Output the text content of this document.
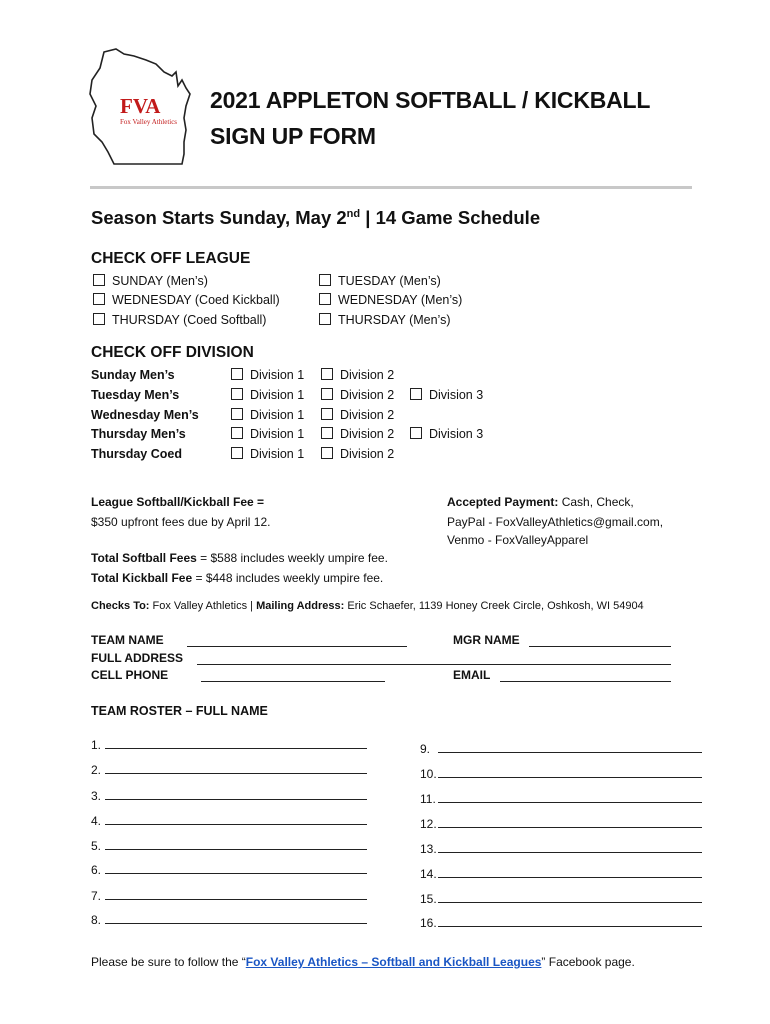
FVA
Fox Valley Athletics
2021 APPLETON SOFTBALL / KICKBALL
SIGN UP FORM
Season Starts Sunday, May 2nd | 14 Game Schedule
CHECK OFF LEAGUE
SUNDAY (Men’s)
WEDNESDAY (Coed Kickball)
THURSDAY (Coed Softball)
TUESDAY (Men’s)
WEDNESDAY (Men’s)
THURSDAY (Men’s)
CHECK OFF DIVISION
Sunday Men’s	Division 1	Division 2
Tuesday Men’s	Division 1	Division 2	Division 3
Wednesday Men’s	Division 1	Division 2
Thursday Men’s	Division 1	Division 2	Division 3
Thursday Coed	Division 1	Division 2
League Softball/Kickball Fee =
$350 upfront fees due by April 12.
Accepted Payment: Cash, Check,
PayPal - FoxValleyAthletics@gmail.com,
Venmo - FoxValleyApparel
Total Softball Fees = $588 includes weekly umpire fee.
Total Kickball Fee = $448 includes weekly umpire fee.
Checks To: Fox Valley Athletics | Mailing Address: Eric Schaefer, 1139 Honey Creek Circle, Oshkosh, WI 54904
TEAM NAME	MGR NAME
FULL ADDRESS
CELL PHONE	EMAIL
TEAM ROSTER – FULL NAME
1.
2.
3.
4.
5.
6.
7.
8.
9.
10.
11.
12.
13.
14.
15.
16.
Please be sure to follow the “Fox Valley Athletics – Softball and Kickball Leagues” Facebook page.
